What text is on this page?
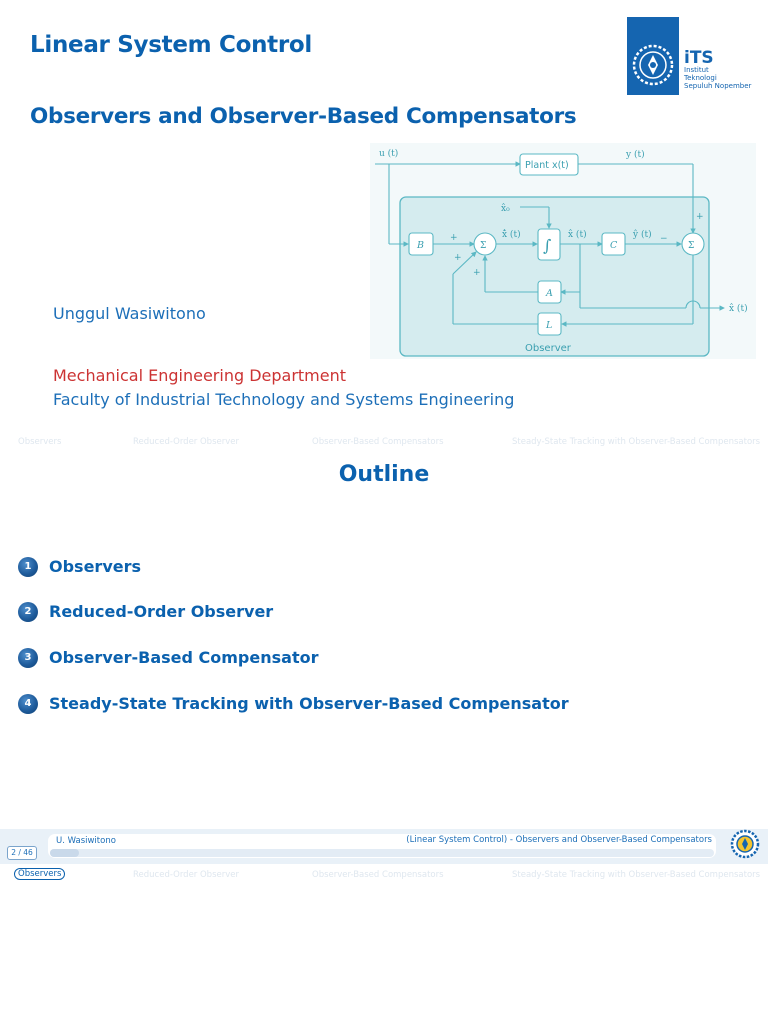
Linear System Control
Observers and Observer-Based Compensators
iTS
Institut
Teknologi
Sepuluh Nopember
Unggul Wasiwitono
Mechanical Engineering Department
Faculty of Industrial Technology and Systems Engineering
Observer
u (t)
Plant x(t)
y (t)
+
B
+
Σ
+
+
x̂̇ (t)
x̂₀
∫
x̂ (t)
C
ŷ (t) −
Σ
A
x̂ (t)
L
Observers	Reduced-Order Observer	Observer-Based Compensators	Steady-State Tracking with Observer-Based Compensators
Outline
1	Observers
2	Reduced-Order Observer
3	Observer-Based Compensator
4	Steady-State Tracking with Observer-Based Compensator
U. Wasiwitono	(Linear System Control) - Observers and Observer-Based Compensators
2 / 46
Observers	Reduced-Order Observer	Observer-Based Compensators	Steady-State Tracking with Observer-Based Compensators
